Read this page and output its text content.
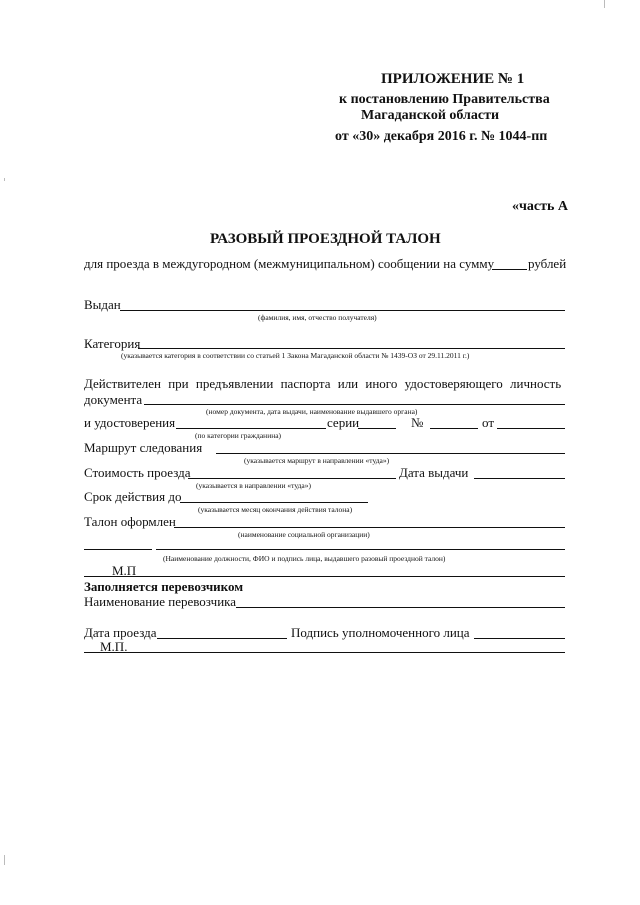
ПРИЛОЖЕНИЕ № 1
к постановлению Правительства
Магаданской области
от «30» декабря 2016 г. № 1044-пп
«часть А
РАЗОВЫЙ ПРОЕЗДНОЙ ТАЛОН
для проезда в междугородном (межмуниципальном) сообщении на сумму	рублей
Выдан
(фамилия, имя, отчество получателя)
Категория
(указывается категория в соответствии со статьей 1 Закона Магаданской области № 1439-ОЗ от 29.11.2011 г.)
Действителен при предъявлении паспорта или иного удостоверяющего личность
документа
(номер документа, дата выдачи, наименование выдавшего органа)
и удостоверения	серии	№	от
(по категории гражданина)
Маршрут следования
(указывается маршрут в направлении «туда»)
Стоимость проезда	Дата выдачи
(указывается в направлении «туда»)
Срок действия до
(указывается месяц окончания действия талона)
Талон оформлен
(наименование социальной организации)
(Наименование должности, ФИО и подпись лица, выдавшего разовый проездной талон)
М.П
Заполняется перевозчиком
Наименование перевозчика
Дата проезда	Подпись уполномоченного лица
М.П.
